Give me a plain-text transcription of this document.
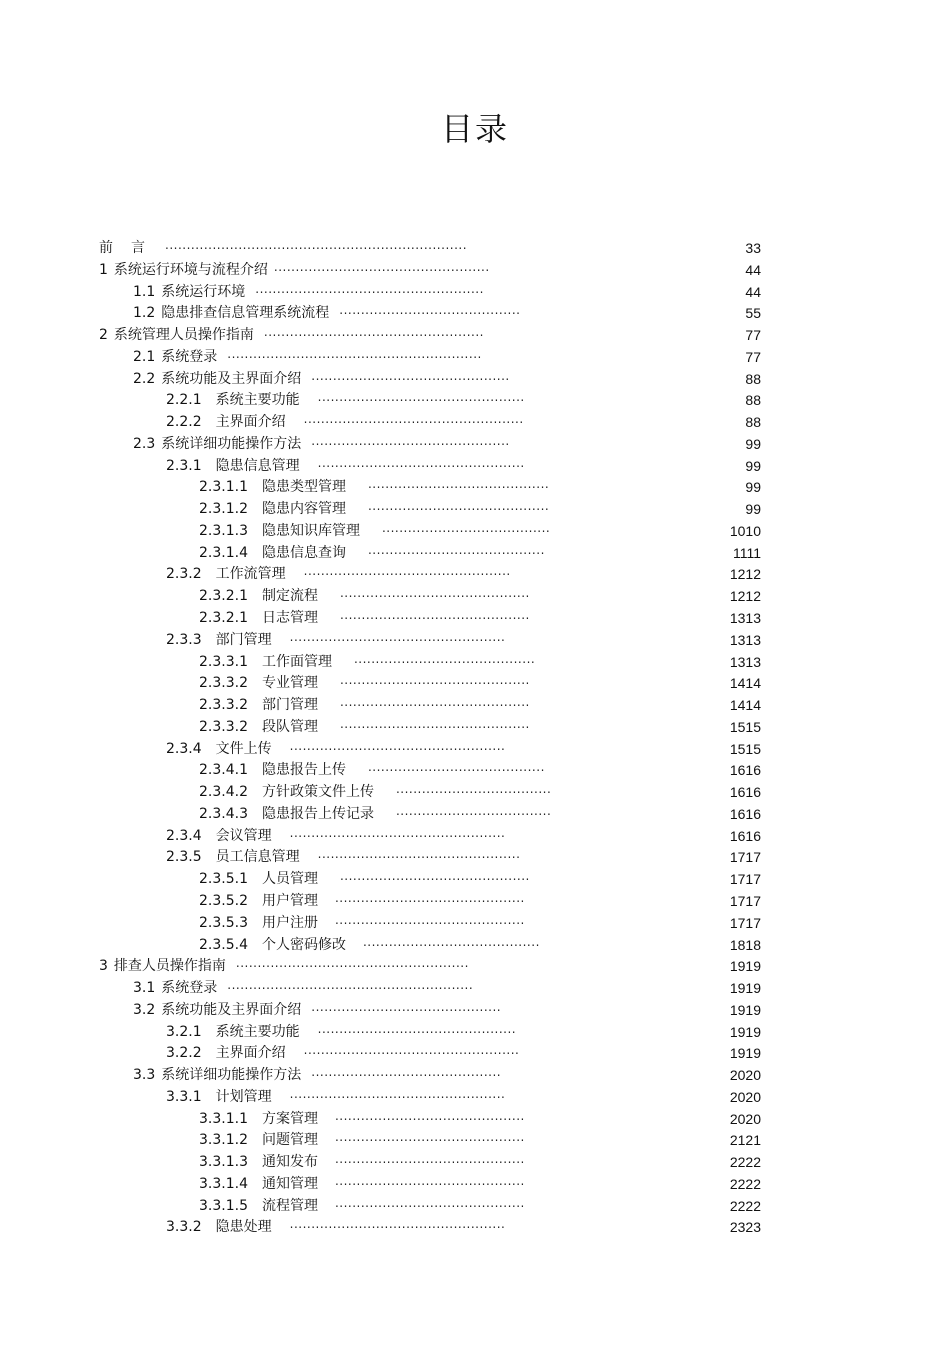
目录
前 言 ......................................................................	33
1 系统运行环境与流程介绍 ..................................................	44
1.1 系统运行环境 .....................................................	44
1.2 隐患排查信息管理系统流程 ..........................................	55
2 系统管理人员操作指南 ...................................................	77
2.1 系统登录 ...........................................................	77
2.2 系统功能及主界面介绍 ..............................................	88
2.2.1 系统主要功能 ................................................	88
2.2.2 主界面介绍 ...................................................	88
2.3 系统详细功能操作方法 ..............................................	99
2.3.1 隐患信息管理 ................................................	99
2.3.1.1 隐患类型管理 ..........................................	99
2.3.1.2 隐患内容管理 ..........................................	99
2.3.1.3 隐患知识库管理 .......................................	1010
2.3.1.4 隐患信息查询 .........................................	1111
2.3.2 工作流管理 ................................................	1212
2.3.2.1 制定流程 ............................................	1212
2.3.2.1 日志管理 ............................................	1313
2.3.3 部门管理 ..................................................	1313
2.3.3.1 工作面管理 ..........................................	1313
2.3.3.2 专业管理 ............................................	1414
2.3.3.2 部门管理 ............................................	1414
2.3.3.2 段队管理 ............................................	1515
2.3.4 文件上传 ..................................................	1515
2.3.4.1 隐患报告上传 .........................................	1616
2.3.4.2 方针政策文件上传 ....................................	1616
2.3.4.3 隐患报告上传记录 ....................................	1616
2.3.4 会议管理 ..................................................	1616
2.3.5 员工信息管理 ...............................................	1717
2.3.5.1 人员管理 ............................................	1717
2.3.5.2 用户管理 ............................................	1717
2.3.5.3 用户注册 ............................................	1717
2.3.5.4 个人密码修改 .........................................	1818
3 排查人员操作指南 ......................................................	1919
3.1 系统登录 .........................................................	1919
3.2 系统功能及主界面介绍 ............................................	1919
3.2.1 系统主要功能 ..............................................	1919
3.2.2 主界面介绍 ..................................................	1919
3.3 系统详细功能操作方法 ............................................	2020
3.3.1 计划管理 ..................................................	2020
3.3.1.1 方案管理 ............................................	2020
3.3.1.2 问题管理 ............................................	2121
3.3.1.3 通知发布 ............................................	2222
3.3.1.4 通知管理 ............................................	2222
3.3.1.5 流程管理 ............................................	2222
3.3.2 隐患处理 ..................................................	2323
